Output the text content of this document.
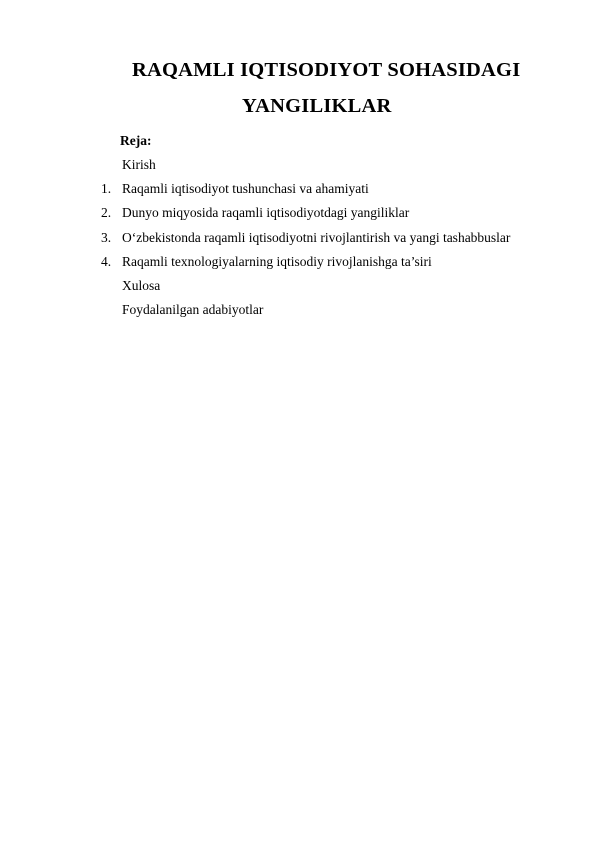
RAQAMLI IQTISODIYOT SOHASIDAGI
YANGILIKLAR
Reja:
Kirish
1. Raqamli iqtisodiyot tushunchasi va ahamiyati
2. Dunyo miqyosida raqamli iqtisodiyotdagi yangiliklar
3. O‘zbekistonda raqamli iqtisodiyotni rivojlantirish va yangi tashabbuslar
4. Raqamli texnologiyalarning iqtisodiy rivojlanishga ta’siri
Xulosa
Foydalanilgan adabiyotlar
